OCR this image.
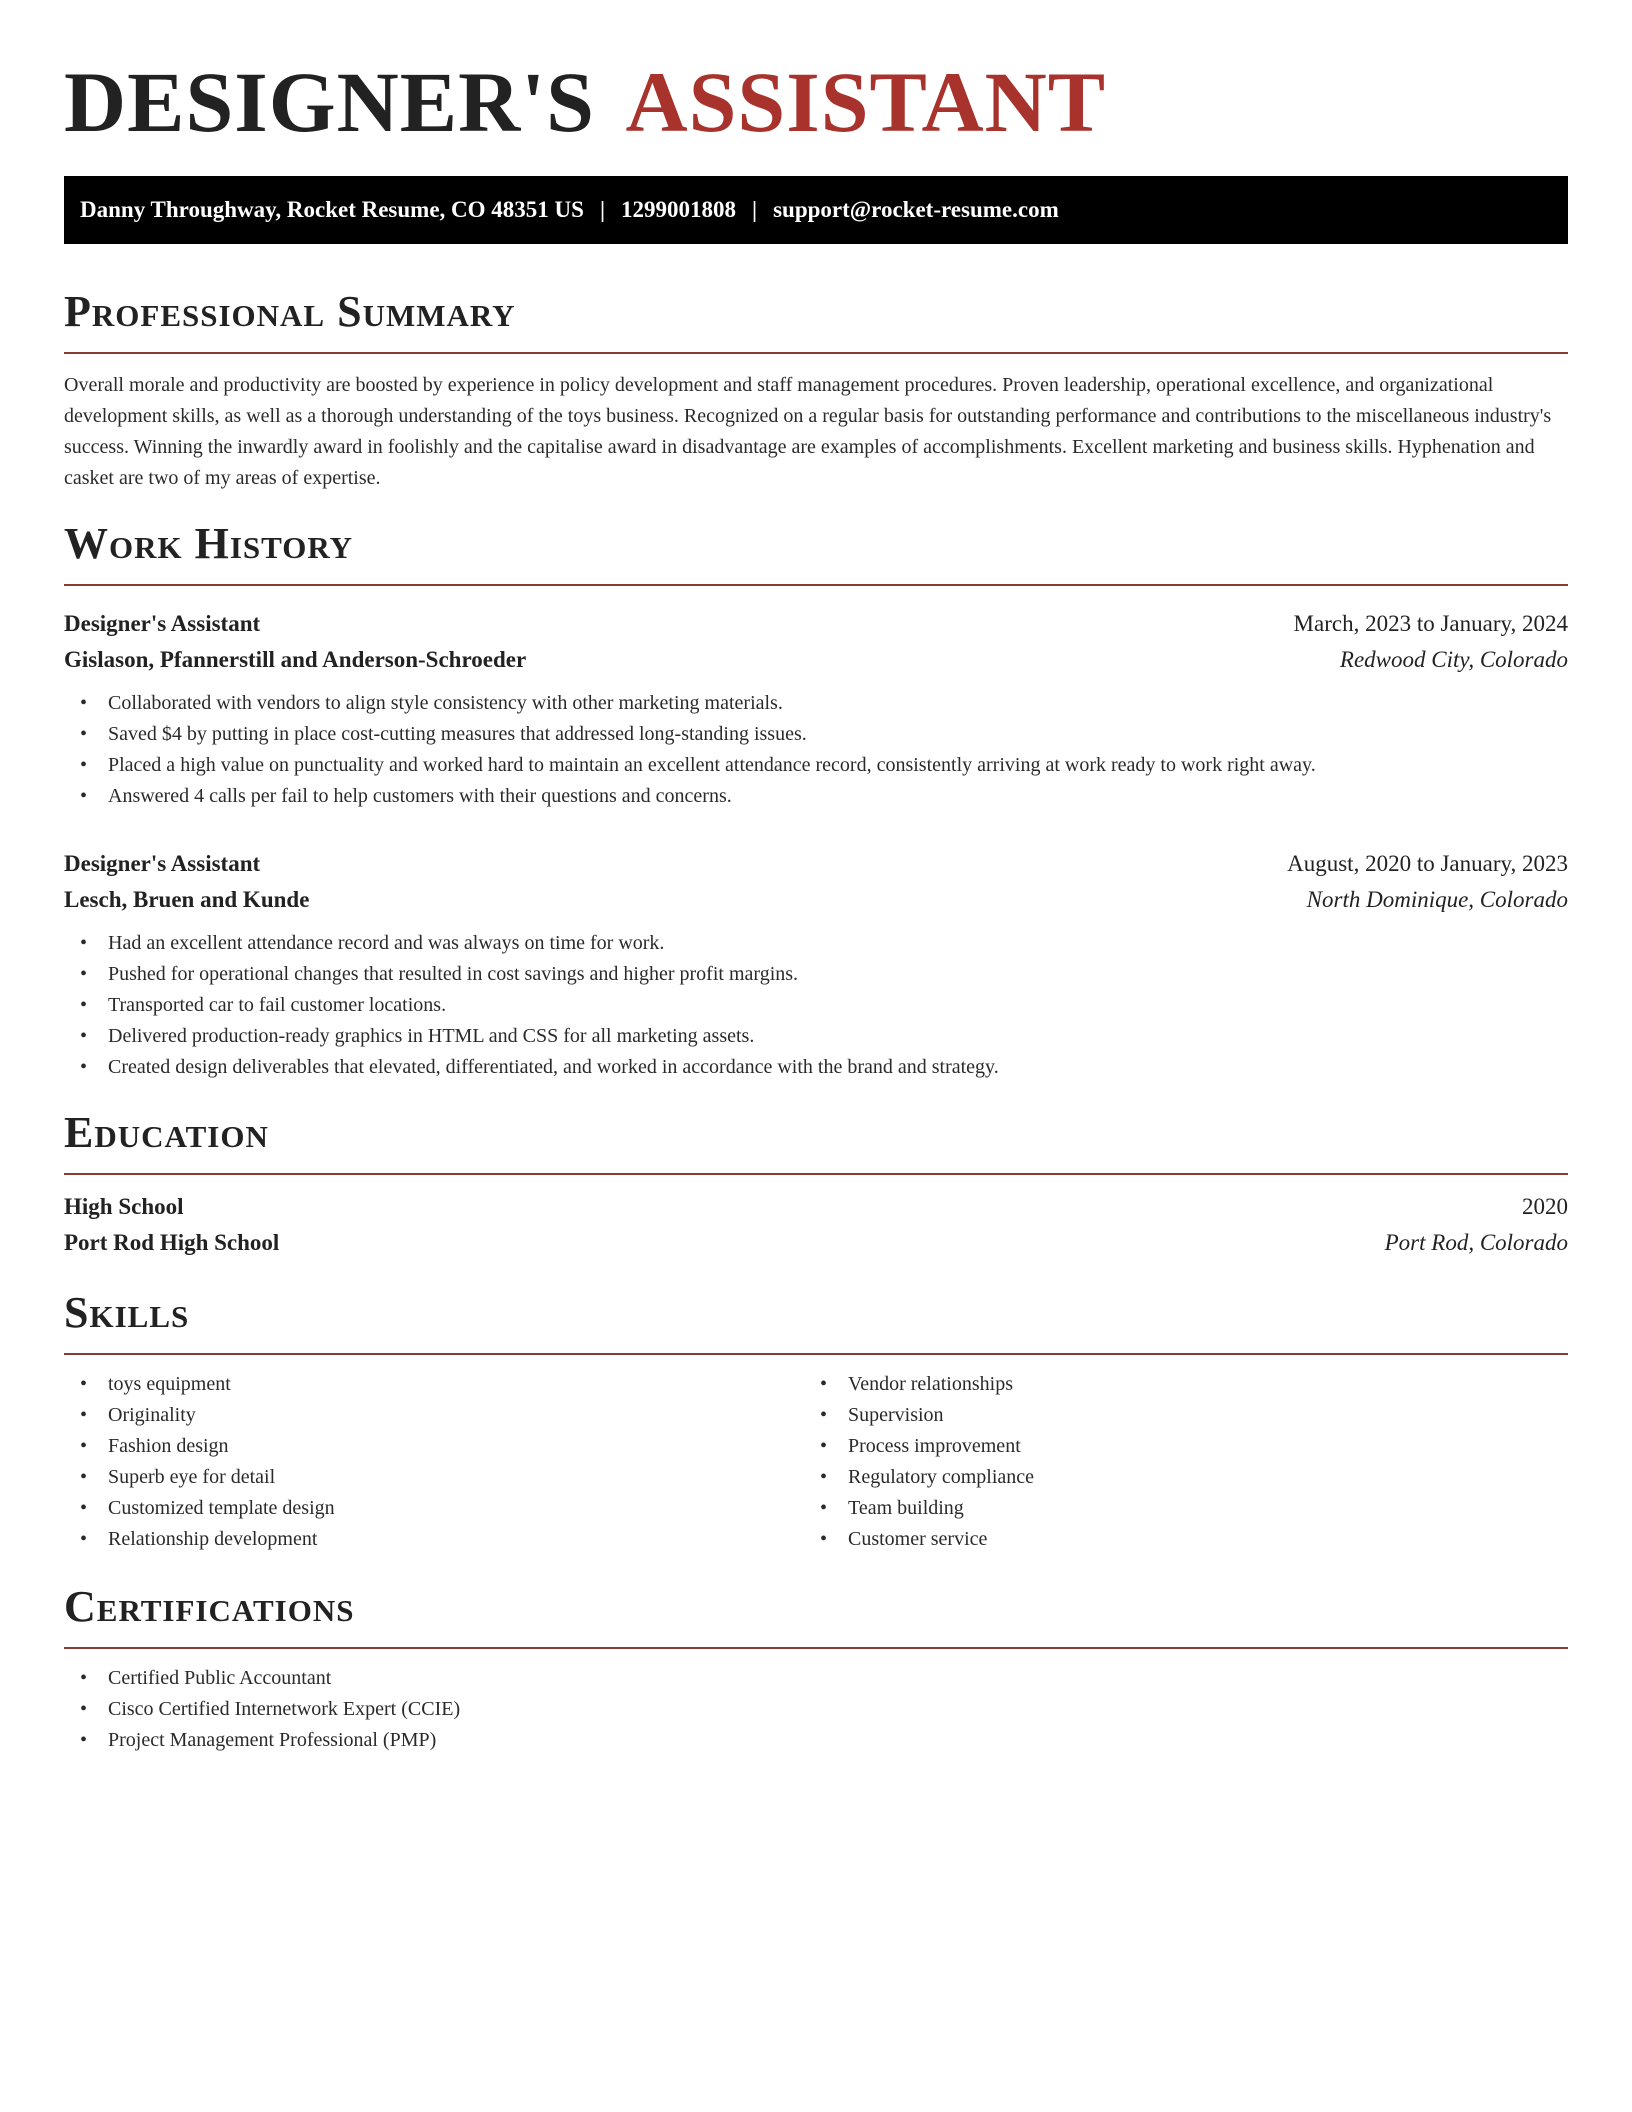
DESIGNER'S ASSISTANT
Danny Throughway, Rocket Resume, CO 48351 US | 1299001808 | support@rocket-resume.com
Professional Summary

Overall morale and productivity are boosted by experience in policy development and staff management procedures. Proven leadership, operational excellence, and organizational development skills, as well as a thorough understanding of the toys business. Recognized on a regular basis for outstanding performance and contributions to the miscellaneous industry's success. Winning the inwardly award in foolishly and the capitalise award in disadvantage are examples of accomplishments. Excellent marketing and business skills. Hyphenation and casket are two of my areas of expertise.

Work History
Designer's Assistant	March, 2023 to January, 2024
Gislason, Pfannerstill and Anderson-Schroeder	Redwood City, Colorado
• Collaborated with vendors to align style consistency with other marketing materials.
• Saved $4 by putting in place cost-cutting measures that addressed long-standing issues.
• Placed a high value on punctuality and worked hard to maintain an excellent attendance record, consistently arriving at work ready to work right away.
• Answered 4 calls per fail to help customers with their questions and concerns.
Designer's Assistant	August, 2020 to January, 2023
Lesch, Bruen and Kunde	North Dominique, Colorado
• Had an excellent attendance record and was always on time for work.
• Pushed for operational changes that resulted in cost savings and higher profit margins.
• Transported car to fail customer locations.
• Delivered production-ready graphics in HTML and CSS for all marketing assets.
• Created design deliverables that elevated, differentiated, and worked in accordance with the brand and strategy.
Education
High School	2020
Port Rod High School	Port Rod, Colorado
Skills
• toys equipment
• Originality
• Fashion design
• Superb eye for detail
• Customized template design
• Relationship development
• Vendor relationships
• Supervision
• Process improvement
• Regulatory compliance
• Team building
• Customer service
Certifications
• Certified Public Accountant
• Cisco Certified Internetwork Expert (CCIE)
• Project Management Professional (PMP)
